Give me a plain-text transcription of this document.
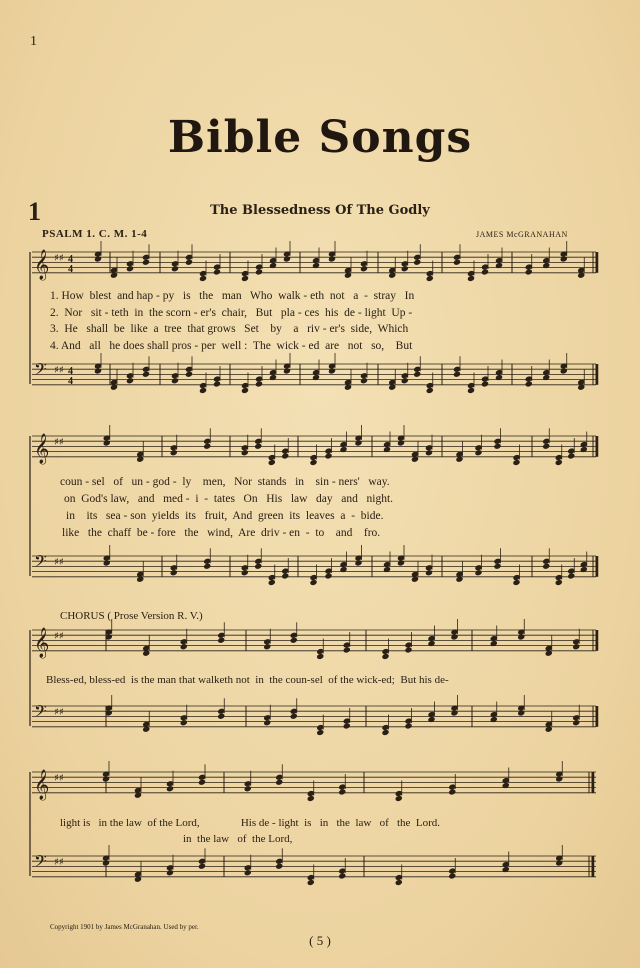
1
Bible Songs
1	The Blessedness Of The Godly
PSALM 1. C. M. 1-4	JAMES McGRANAHAN
𝄞 ♯♯ 4
4
𝄢 ♯♯ 4
4
𝄞 ♯♯
𝄢 ♯♯
𝄞 ♯♯
𝄢 ♯♯
𝄞 ♯♯
𝄢 ♯♯
1. How  blest  and hap - py   is   the   man   Who  walk - eth  not   a  -  stray   In
2.  Nor   sit - teth  in  the scorn - er's  chair,   But   pla - ces  his  de - light  Up -
3.  He   shall  be  like  a  tree  that grows   Set    by    a   riv - er's  side,  Which
4. And   all   he does shall pros - per  well :  The  wick - ed  are   not   so,    But
coun - sel   of   un - god -  ly    men,   Nor  stands   in    sin - ners'   way.
on  God's law,   and   med -  i  -  tates   On   His   law   day   and   night.
in    its   sea - son  yields  its   fruit,  And  green  its  leaves  a  -  bide.
like   the  chaff  be - fore   the   wind,  Are  driv - en  -  to    and    fro.
CHORUS ( Prose Version R. V.)
Bless-ed, bless-ed  is the man that walketh not  in  the coun-sel  of the wick-ed;  But his de-
light is   in the law  of the Lord,               His de - light  is   in   the  law   of   the  Lord.
in  the law   of  the Lord,
Copyright 1901 by James McGranahan. Used by per.
( 5 )
